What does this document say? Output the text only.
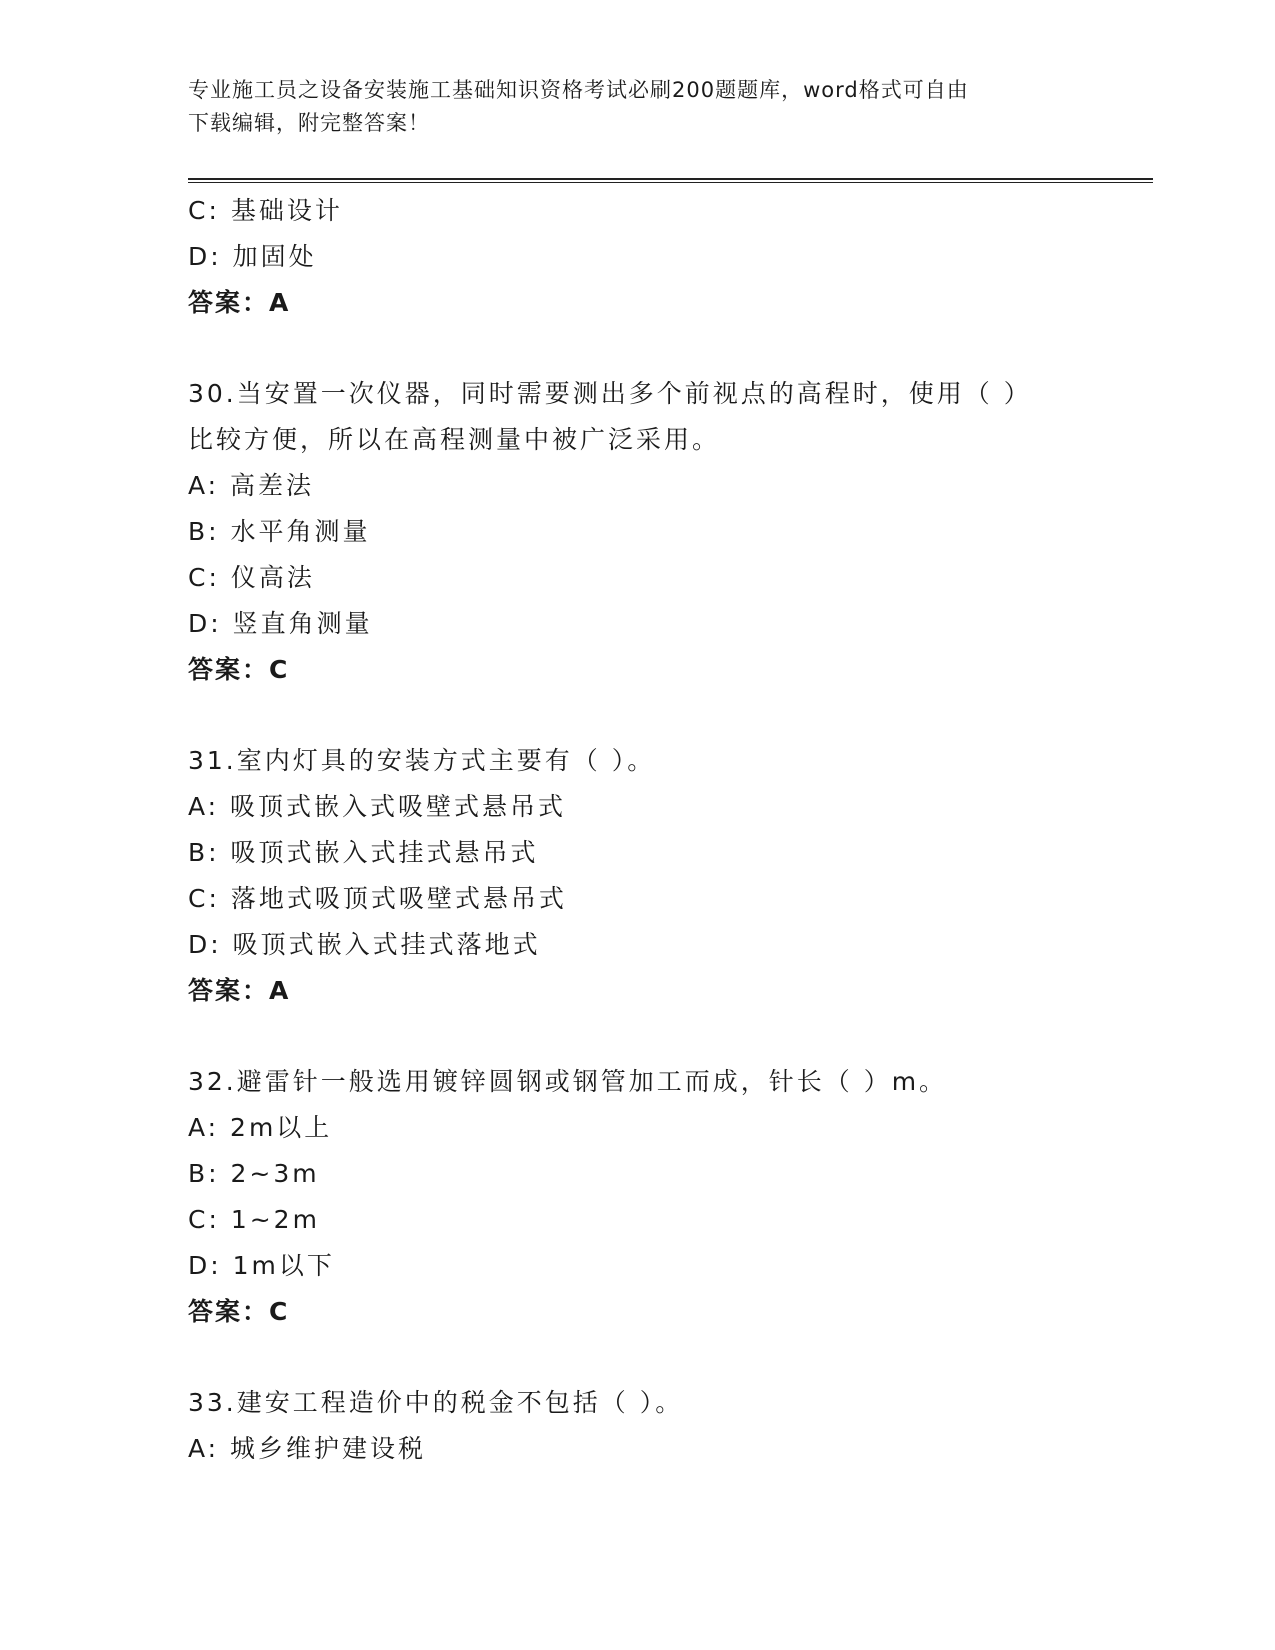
专业施工员之设备安装施工基础知识资格考试必刷200题题库，word格式可自由
下载编辑，附完整答案！
C: 基础设计
D: 加固处
答案：A
30.当安置一次仪器，同时需要测出多个前视点的高程时，使用（ ）
比较方便，所以在高程测量中被广泛采用。
A: 高差法
B: 水平角测量
C: 仪高法
D: 竖直角测量
答案：C
31.室内灯具的安装方式主要有（ ）。
A: 吸顶式嵌入式吸壁式悬吊式
B: 吸顶式嵌入式挂式悬吊式
C: 落地式吸顶式吸壁式悬吊式
D: 吸顶式嵌入式挂式落地式
答案：A
32.避雷针一般选用镀锌圆钢或钢管加工而成，针长（ ）m。
A: 2m以上
B: 2~3m
C: 1~2m
D: 1m以下
答案：C
33.建安工程造价中的税金不包括（ ）。
A: 城乡维护建设税
